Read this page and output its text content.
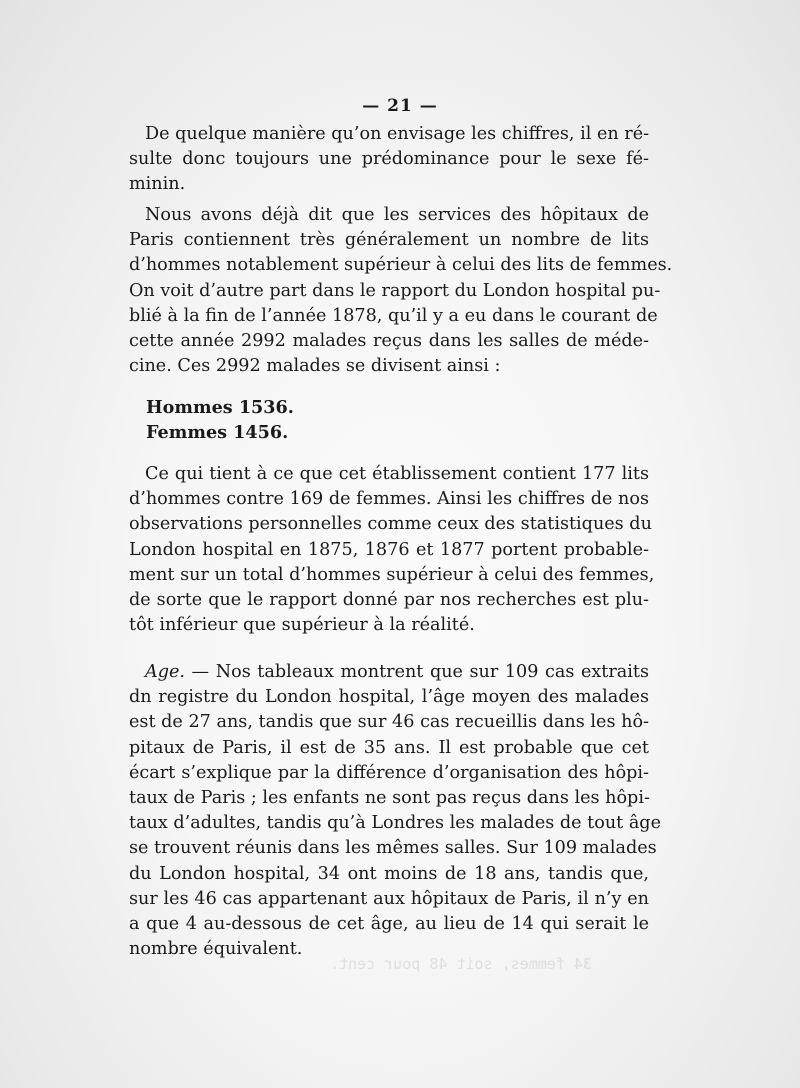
— 21 —
De quelque manière qu’on envisage les chiffres, il en ré-
sulte donc toujours une prédominance pour le sexe fé-
minin.
Nous avons déjà dit que les services des hôpitaux de
Paris contiennent très généralement un nombre de lits
d’hommes notablement supérieur à celui des lits de femmes.
On voit d’autre part dans le rapport du London hospital pu-
blié à la fin de l’année 1878, qu’il y a eu dans le courant de
cette année 2992 malades reçus dans les salles de méde-
cine. Ces 2992 malades se divisent ainsi :
Hommes 1536.
Femmes 1456.
Ce qui tient à ce que cet établissement contient 177 lits
d’hommes contre 169 de femmes. Ainsi les chiffres de nos
observations personnelles comme ceux des statistiques du
London hospital en 1875, 1876 et 1877 portent probable-
ment sur un total d’hommes supérieur à celui des femmes,
de sorte que le rapport donné par nos recherches est plu-
tôt inférieur que supérieur à la réalité.
Age. — Nos tableaux montrent que sur 109 cas extraits
dn registre du London hospital, l’âge moyen des malades
est de 27 ans, tandis que sur 46 cas recueillis dans les hô-
pitaux de Paris, il est de 35 ans. Il est probable que cet
écart s’explique par la différence d’organisation des hôpi-
taux de Paris ; les enfants ne sont pas reçus dans les hôpi-
taux d’adultes, tandis qu’à Londres les malades de tout âge
se trouvent réunis dans les mêmes salles. Sur 109 malades
du London hospital, 34 ont moins de 18 ans, tandis que,
sur les 46 cas appartenant aux hôpitaux de Paris, il n’y en
a que 4 au-dessous de cet âge, au lieu de 14 qui serait le
nombre équivalent.
34 femmes, soit 48 pour cent.
